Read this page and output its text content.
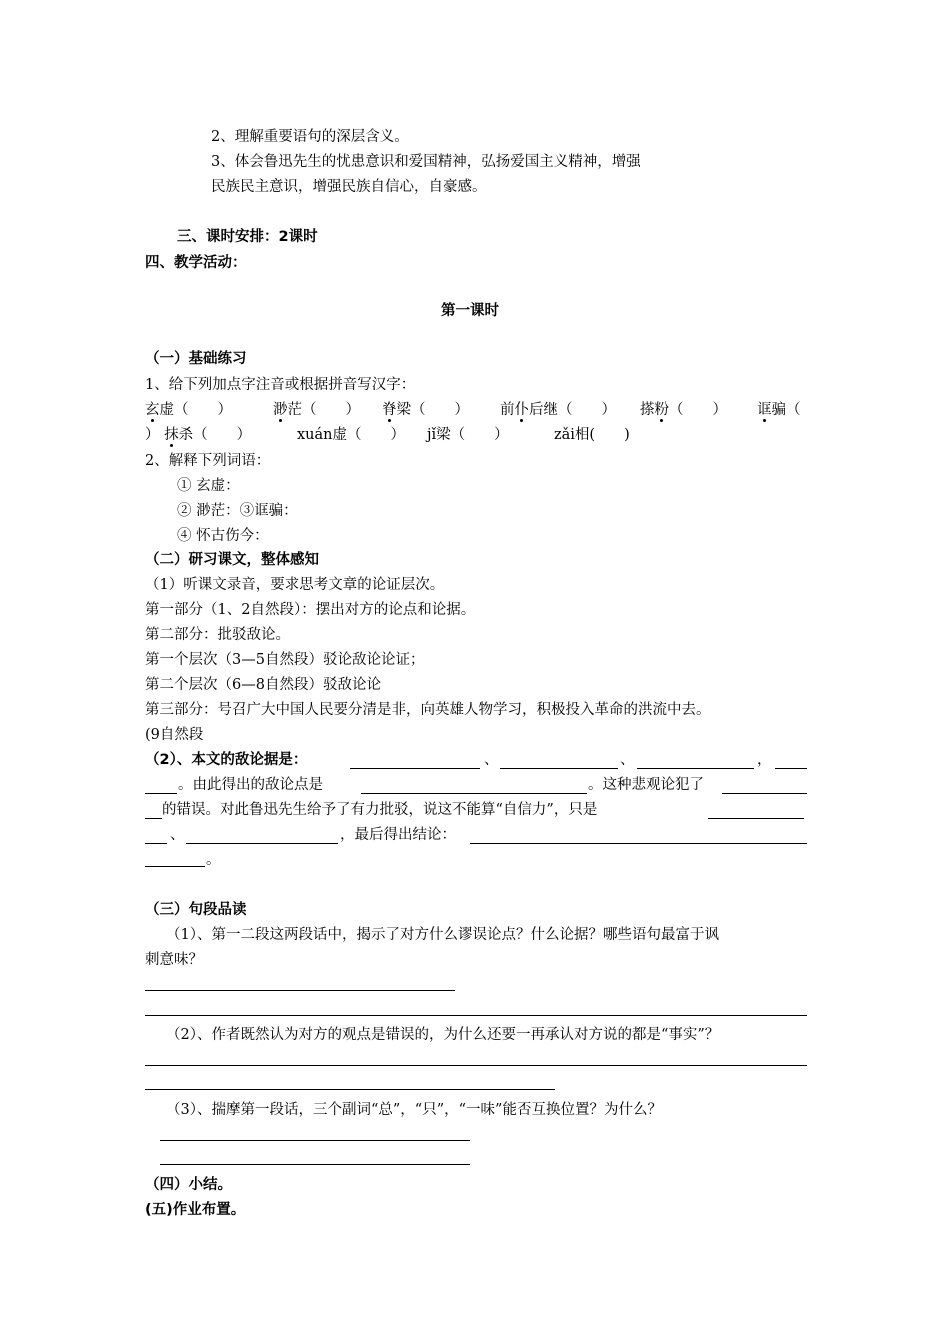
2、理解重要语句的深层含义。
3、体会鲁迅先生的忧患意识和爱国精神，弘扬爱国主义精神，增强
民族民主意识，增强民族自信心，自豪感。
三、课时安排：2课时
四、教学活动：
第一课时
（一）基础练习
1、给下列加点字注音或根据拼音写汉字：
玄虚（　　）	渺茫（　　） 脊梁（　　） 前仆后继（　　） 搽粉（　　） 诓骗（
） 抹杀（　　）	xuán虚（　　） jǐ梁（　　）	zǎi相(　　)
2、解释下列词语：
① 玄虚：
② 渺茫：③诓骗：
④ 怀古伤今：
（二）研习课文，整体感知
（1）听课文录音，要求思考文章的论证层次。
第一部分（1、2自然段）：摆出对方的论点和论据。
第二部分：批驳敌论。
第一个层次（3—5自然段）驳论敌论论证；
第二个层次（6—8自然段）驳敌论论
第三部分：号召广大中国人民要分清是非，向英雄人物学习，积极投入革命的洪流中去。
(9自然段
（2）、本文的敌论据是：	、	、	，
。由此得出的敌论点是	。这种悲观论犯了
的错误。对此鲁迅先生给予了有力批驳，说这不能算“自信力”，只是
、	，最后得出结论：
。
（三）句段品读
（1）、第一二段这两段话中，揭示了对方什么谬误论点？什么论据？哪些语句最富于讽
刺意味？
（2）、作者既然认为对方的观点是错误的，为什么还要一再承认对方说的都是“事实”？
（3）、揣摩第一段话，三个副词“总”，“只”，“一味”能否互换位置？为什么？
（四）小结。
(五)作业布置。
